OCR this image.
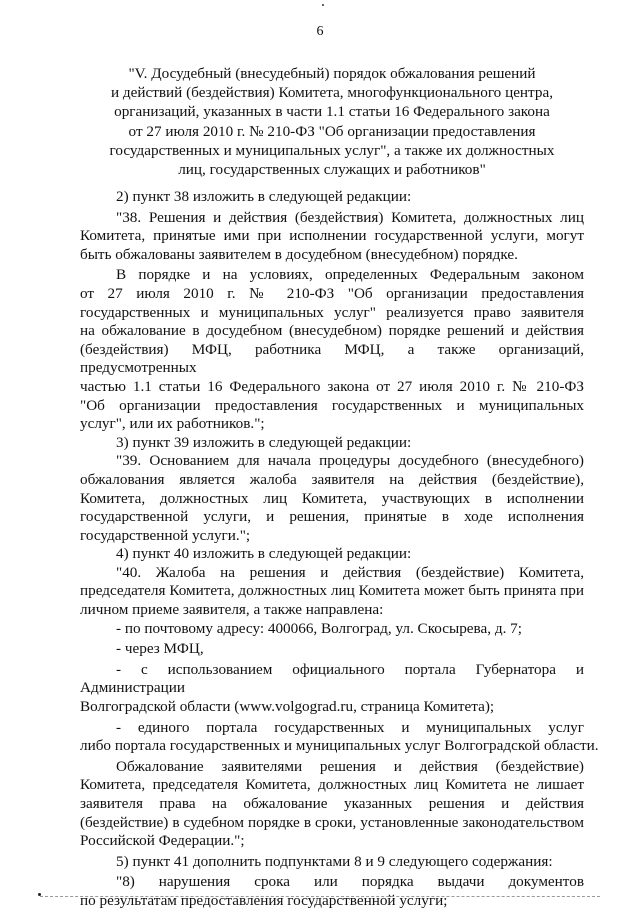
6
"V. Досудебный (внесудебный) порядок обжалования решений
и действий (бездействия) Комитета, многофункционального центра,
организаций, указанных в части 1.1 статьи 16 Федерального закона
от 27 июля 2010 г. № 210-ФЗ "Об организации предоставления
государственных и муниципальных услуг", а также их должностных
лиц, государственных служащих и работников"

2) пункт 38 изложить в следующей редакции:

"38. Решения и действия (бездействия) Комитета, должностных лиц
Комитета, принятые ими при исполнении государственной услуги, могут
быть обжалованы заявителем в досудебном (внесудебном) порядке.
В порядке и на условиях, определенных Федеральным законом
от 27 июля 2010 г. № 210-ФЗ "Об организации предоставления
государственных и муниципальных услуг" реализуется право заявителя
на обжалование в досудебном (внесудебном) порядке решений и действия
(бездействия) МФЦ, работника МФЦ, а также организаций, предусмотренных
частью 1.1 статьи 16 Федерального закона от 27 июля 2010 г. № 210-ФЗ
"Об организации предоставления государственных и муниципальных
услуг", или их работников.";

3) пункт 39 изложить в следующей редакции:

"39. Основанием для начала процедуры досудебного (внесудебного)
обжалования является жалоба заявителя на действия (бездействие),
Комитета, должностных лиц Комитета, участвующих в исполнении
государственной услуги, и решения, принятые в ходе исполнения
государственной услуги.";

4) пункт 40 изложить в следующей редакции:

"40. Жалоба на решения и действия (бездействие) Комитета,
председателя Комитета, должностных лиц Комитета может быть принята при
личном приеме заявителя, а также направлена:

- по почтовому адресу: 400066, Волгоград, ул. Скосырева, д. 7;

- через МФЦ,

- с использованием официального портала Губернатора и Администрации
Волгоградской области (www.volgograd.ru, страница Комитета);
- единого портала государственных и муниципальных услуг
либо портала государственных и муниципальных услуг Волгоградской области.
Обжалование заявителями решения и действия (бездействие)
Комитета, председателя Комитета, должностных лиц Комитета не лишает
заявителя права на обжалование указанных решения и действия
(бездействие) в судебном порядке в сроки, установленные законодательством
Российской Федерации.";

5) пункт 41 дополнить подпунктами 8 и 9 следующего содержания:

"8) нарушения срока или порядка выдачи документов
по результатам предоставления государственной услуги;
